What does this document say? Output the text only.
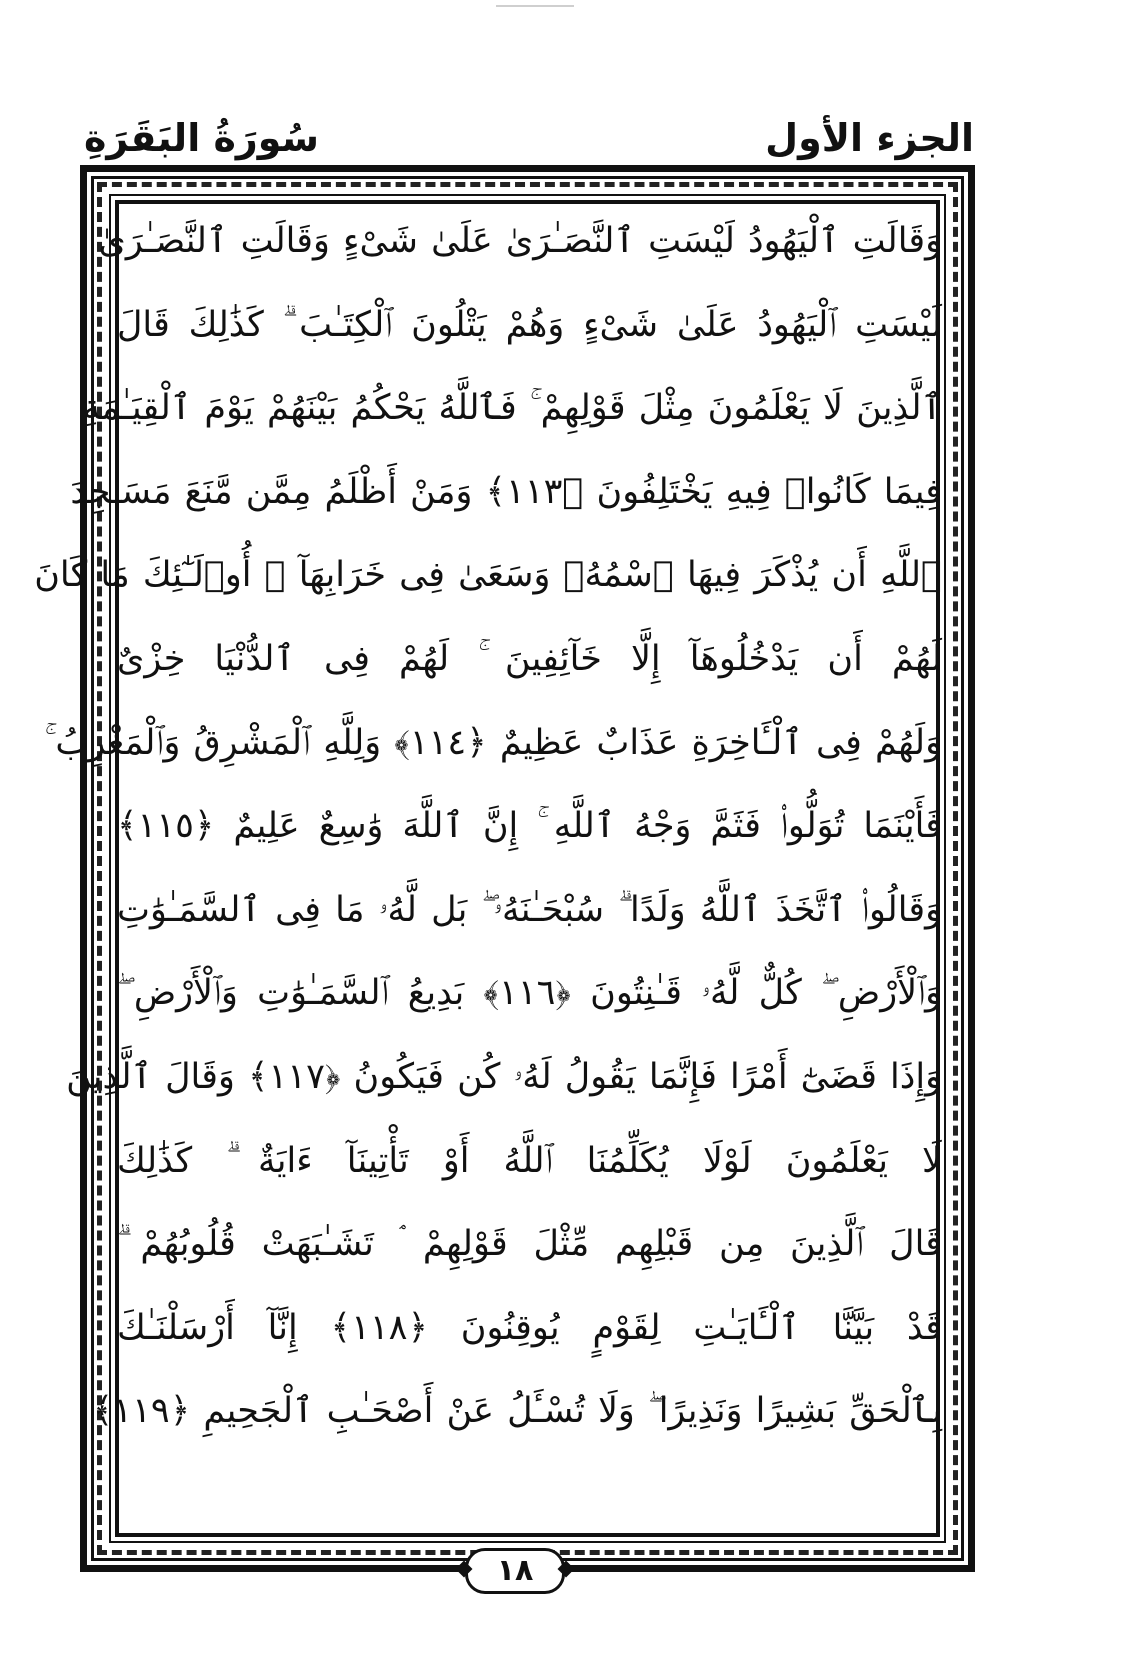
سُورَةُ البَقَرَةِ	الجزء الأول
وَقَالَتِ ٱلْيَهُودُ لَيْسَتِ ٱلنَّصَـٰرَىٰ عَلَىٰ شَىْءٍ وَقَالَتِ ٱلنَّصَـٰرَىٰ
لَيْسَتِ ٱلْيَهُودُ عَلَىٰ شَىْءٍ وَهُمْ يَتْلُونَ ٱلْكِتَـٰبَ ۗ كَذَٰلِكَ قَالَ
ٱلَّذِينَ لَا يَعْلَمُونَ مِثْلَ قَوْلِهِمْ ۚ فَٱللَّهُ يَحْكُمُ بَيْنَهُمْ يَوْمَ ٱلْقِيَـٰمَةِ
فِيمَا كَانُوا۟ فِيهِ يَخْتَلِفُونَ ﴿١١٣﴾ وَمَنْ أَظْلَمُ مِمَّن مَّنَعَ مَسَـٰجِدَ
ٱللَّهِ أَن يُذْكَرَ فِيهَا ٱسْمُهُۥ وَسَعَىٰ فِى خَرَابِهَآ ۚ أُو۟لَـٰٓئِكَ مَا كَانَ
لَهُمْ أَن يَدْخُلُوهَآ إِلَّا خَآئِفِينَ ۚ لَهُمْ فِى ٱلدُّنْيَا خِزْىٌ
وَلَهُمْ فِى ٱلْـَٔاخِرَةِ عَذَابٌ عَظِيمٌ ﴿١١٤﴾ وَلِلَّهِ ٱلْمَشْرِقُ وَٱلْمَغْرِبُ ۚ
فَأَيْنَمَا تُوَلُّوا۟ فَثَمَّ وَجْهُ ٱللَّهِ ۚ إِنَّ ٱللَّهَ وَٰسِعٌ عَلِيمٌ ﴿١١٥﴾
وَقَالُوا۟ ٱتَّخَذَ ٱللَّهُ وَلَدًا ۗ سُبْحَـٰنَهُۥ ۖ بَل لَّهُۥ مَا فِى ٱلسَّمَـٰوَٰتِ
وَٱلْأَرْضِ ۖ كُلٌّ لَّهُۥ قَـٰنِتُونَ ﴿١١٦﴾ بَدِيعُ ٱلسَّمَـٰوَٰتِ وَٱلْأَرْضِ ۖ
وَإِذَا قَضَىٰٓ أَمْرًا فَإِنَّمَا يَقُولُ لَهُۥ كُن فَيَكُونُ ﴿١١٧﴾ وَقَالَ ٱلَّذِينَ
لَا يَعْلَمُونَ لَوْلَا يُكَلِّمُنَا ٱللَّهُ أَوْ تَأْتِينَآ ءَايَةٌ ۗ كَذَٰلِكَ
قَالَ ٱلَّذِينَ مِن قَبْلِهِم مِّثْلَ قَوْلِهِمْ ۘ تَشَـٰبَهَتْ قُلُوبُهُمْ ۗ
قَدْ بَيَّنَّا ٱلْـَٔايَـٰتِ لِقَوْمٍ يُوقِنُونَ ﴿١١٨﴾ إِنَّآ أَرْسَلْنَـٰكَ
بِٱلْحَقِّ بَشِيرًا وَنَذِيرًا ۖ وَلَا تُسْـَٔلُ عَنْ أَصْحَـٰبِ ٱلْجَحِيمِ ﴿١١٩﴾
١٨
